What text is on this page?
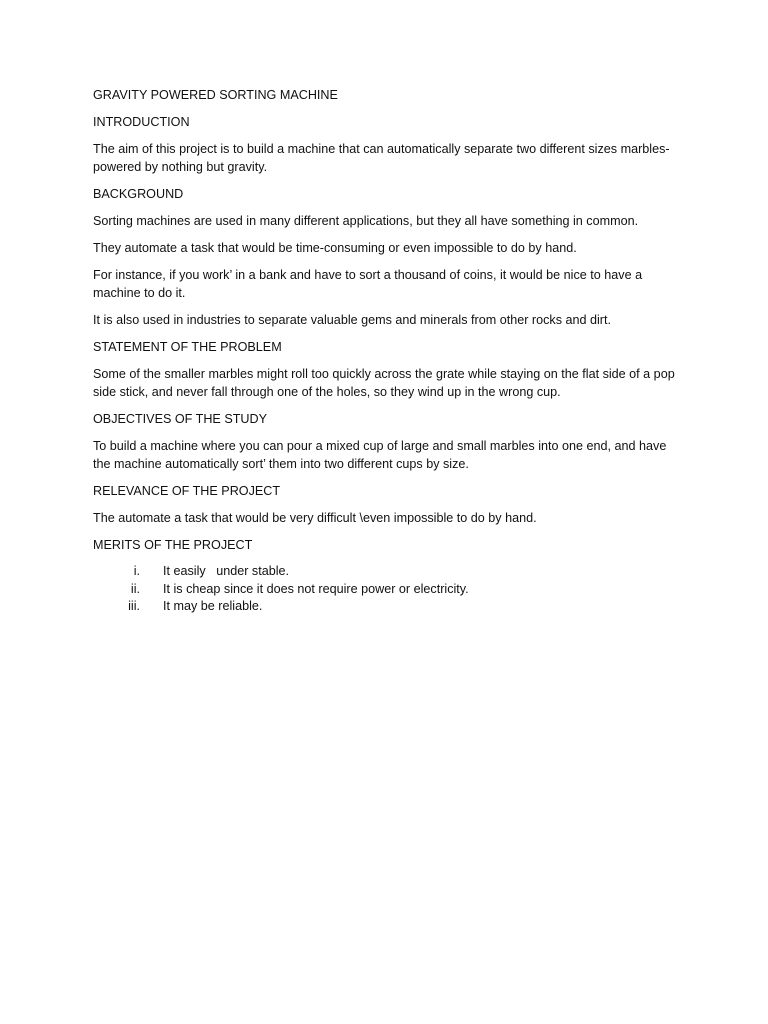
GRAVITY POWERED SORTING MACHINE

INTRODUCTION

The aim of this project is to build a machine that can automatically separate two different sizes marbles-powered by nothing but gravity.

BACKGROUND

Sorting machines are used in many different applications, but they all have something in common.

They automate a task that would be time-consuming or even impossible to do by hand.

For instance, if you work’ in a bank and have to sort a thousand of coins, it would be nice to have a machine to do it.

It is also used in industries to separate valuable gems and minerals from other rocks and dirt.

STATEMENT OF THE PROBLEM

Some of the smaller marbles might roll too quickly across the grate while staying on the flat side of a pop side stick, and never fall through one of the holes, so they wind up in the wrong cup.

OBJECTIVES OF THE STUDY

To build a machine where you can pour a mixed cup of large and small marbles into one end, and have the machine automatically sort’ them into two different cups by size.

RELEVANCE OF THE PROJECT

The automate a task that would be very difficult \even impossible to do by hand.

MERITS OF THE PROJECT

i.	It easily   under stable.
ii.	It is cheap since it does not require power or electricity.
iii.	It may be reliable.
